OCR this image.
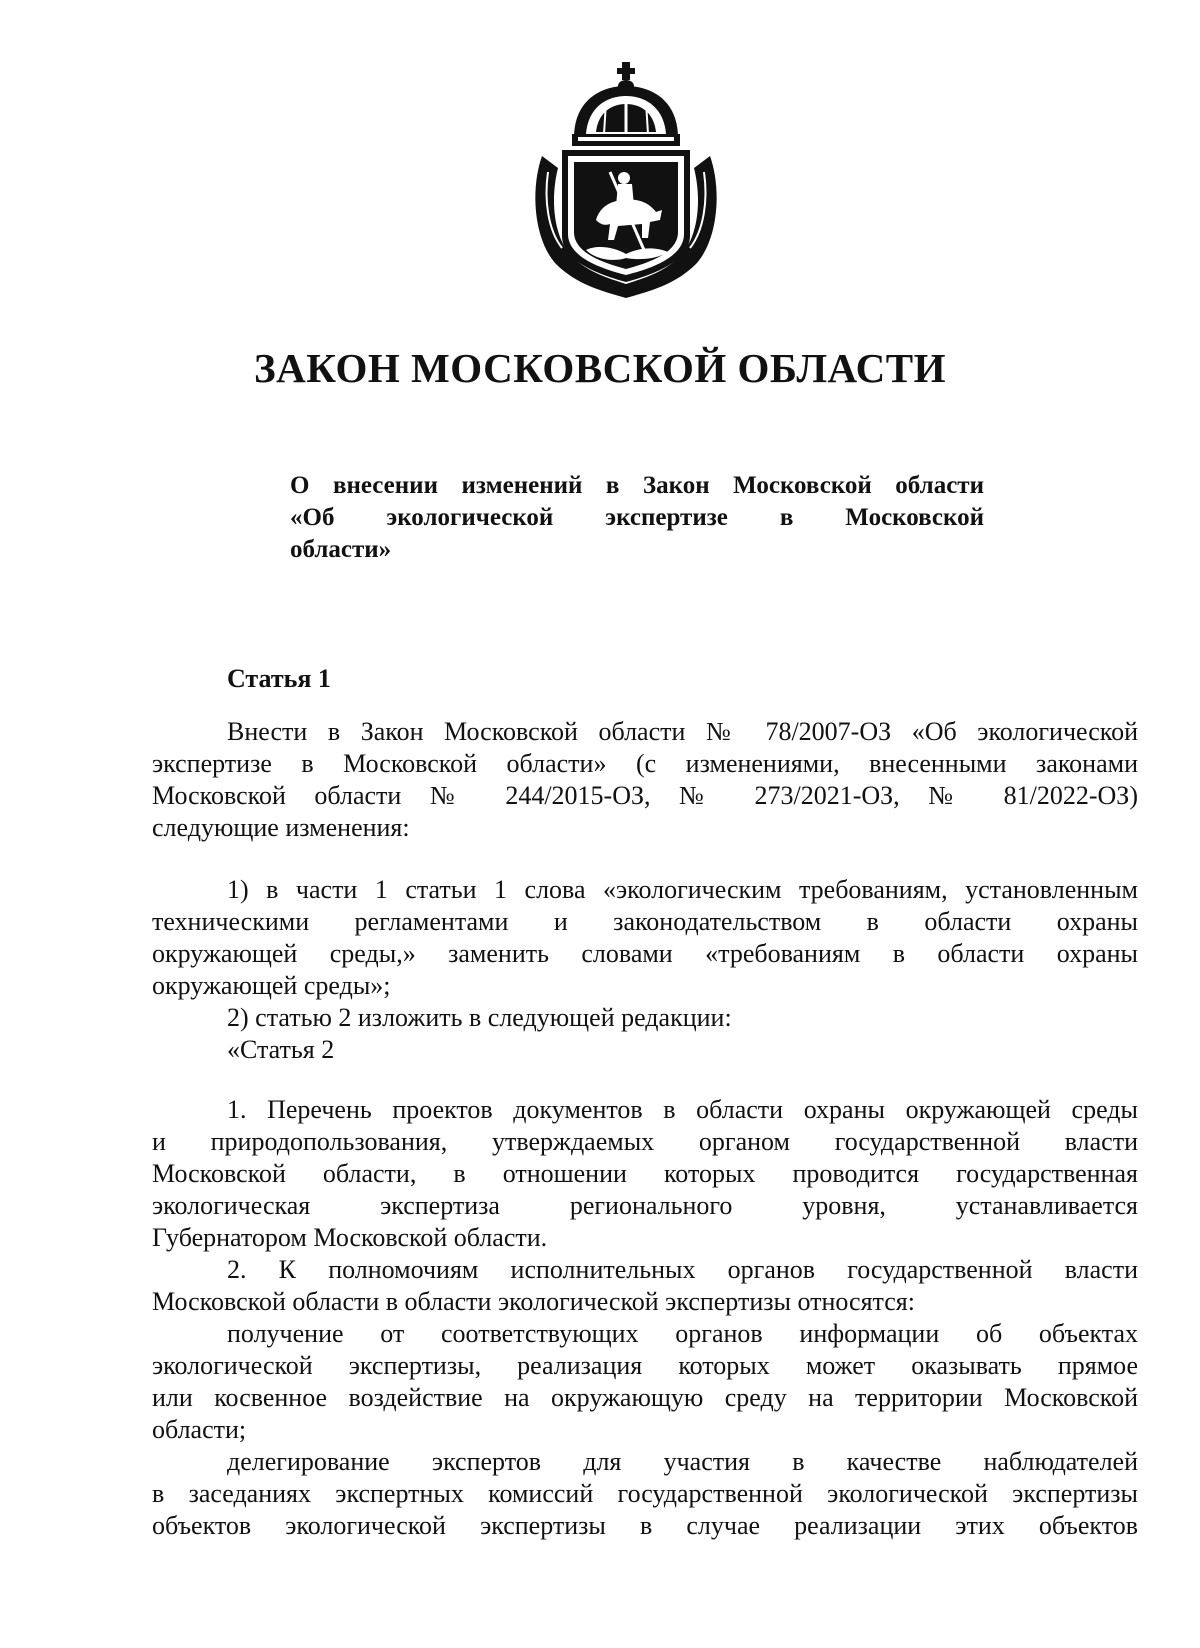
ЗАКОН МОСКОВСКОЙ ОБЛАСТИ
О внесении изменений в Закон Московской области
«Об экологической экспертизе в Московской
области»
Статья 1
Внести в Закон Московской области № 78/2007-ОЗ «Об экологической
экспертизе в Московской области» (с изменениями, внесенными законами
Московской области № 244/2015-ОЗ, № 273/2021-ОЗ, № 81/2022-ОЗ)
следующие изменения:
1) в части 1 статьи 1 слова «экологическим требованиям, установленным
техническими регламентами и законодательством в области охраны
окружающей среды,» заменить словами «требованиям в области охраны
окружающей среды»;
2) статью 2 изложить в следующей редакции:
«Статья 2
1. Перечень проектов документов в области охраны окружающей среды
и природопользования, утверждаемых органом государственной власти
Московской области, в отношении которых проводится государственная
экологическая экспертиза регионального уровня, устанавливается
Губернатором Московской области.
2. К полномочиям исполнительных органов государственной власти
Московской области в области экологической экспертизы относятся:
получение от соответствующих органов информации об объектах
экологической экспертизы, реализация которых может оказывать прямое
или косвенное воздействие на окружающую среду на территории Московской
области;
делегирование экспертов для участия в качестве наблюдателей
в заседаниях экспертных комиссий государственной экологической экспертизы
объектов экологической экспертизы в случае реализации этих объектов
